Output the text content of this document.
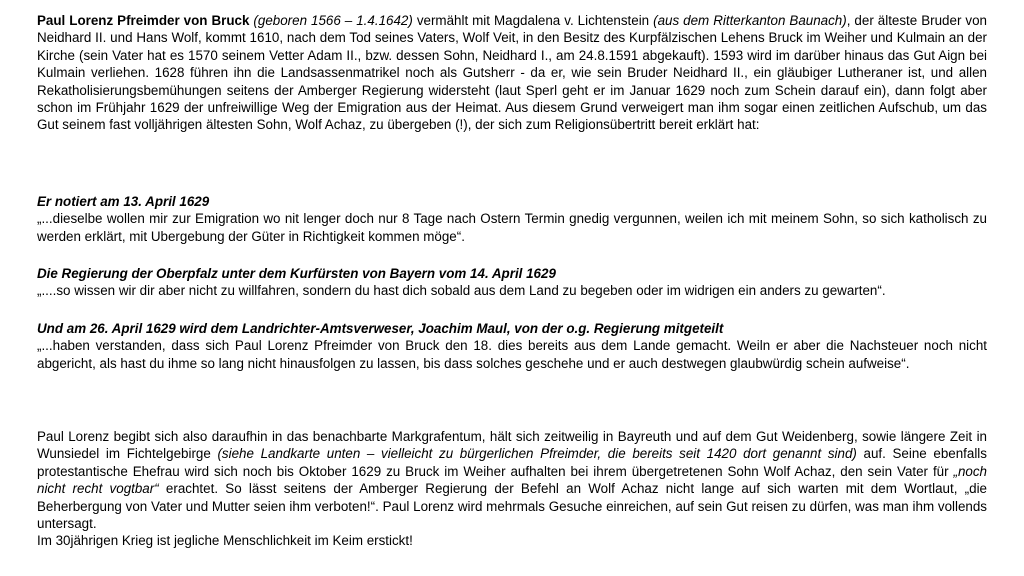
Paul Lorenz Pfreimder von Bruck (geboren 1566 – 1.4.1642) vermählt mit Magdalena v. Lichtenstein (aus dem Ritterkanton Baunach), der älteste Bruder von Neidhard II. und Hans Wolf, kommt 1610, nach dem Tod seines Vaters, Wolf Veit, in den Besitz des Kurpfälzischen Lehens Bruck im Weiher und Kulmain an der Kirche (sein Vater hat es 1570 seinem Vetter Adam II., bzw. dessen Sohn, Neidhard I., am 24.8.1591 abgekauft). 1593 wird im darüber hinaus das Gut Aign bei Kulmain verliehen. 1628 führen ihn die Landsassenmatrikel noch als Gutsherr - da er, wie sein Bruder Neidhard II., ein gläubiger Lutheraner ist, und allen Rekatholisierungsbemühungen seitens der Amberger Regierung widersteht (laut Sperl geht er im Januar 1629 noch zum Schein darauf ein), dann folgt aber schon im Frühjahr 1629 der unfreiwillige Weg der Emigration aus der Heimat. Aus diesem Grund verweigert man ihm sogar einen zeitlichen Aufschub, um das Gut seinem fast volljährigen ältesten Sohn, Wolf Achaz, zu übergeben (!), der sich zum Religionsübertritt bereit erklärt hat:

Er notiert am 13. April 1629

„...dieselbe wollen mir zur Emigration wo nit lenger doch nur 8 Tage nach Ostern Termin gnedig vergunnen, weilen ich mit meinem Sohn, so sich katholisch zu werden erklärt, mit Ubergebung der Güter in Richtigkeit kommen möge“.

Die Regierung der Oberpfalz unter dem Kurfürsten von Bayern vom 14. April 1629

„....so wissen wir dir aber nicht zu willfahren, sondern du hast dich sobald aus dem Land zu begeben oder im widrigen ein anders zu gewarten“.

Und am 26. April 1629 wird dem Landrichter-Amtsverweser, Joachim Maul, von der o.g. Regierung mitgeteilt

„...haben verstanden, dass sich Paul Lorenz Pfreimder von Bruck den 18. dies bereits aus dem Lande gemacht. Weiln er aber die Nachsteuer noch nicht abgericht, als hast du ihme so lang nicht hinausfolgen zu lassen, bis dass solches geschehe und er auch destwegen glaubwürdig schein aufweise“.

Paul Lorenz begibt sich also daraufhin in das benachbarte Markgrafentum, hält sich zeitweilig in Bayreuth und auf dem Gut Weidenberg, sowie längere Zeit in Wunsiedel im Fichtelgebirge (siehe Landkarte unten – vielleicht zu bürgerlichen Pfreimder, die bereits seit 1420 dort genannt sind) auf. Seine ebenfalls protestantische Ehefrau wird sich noch bis Oktober 1629 zu Bruck im Weiher aufhalten bei ihrem übergetretenen Sohn Wolf Achaz, den sein Vater für „noch nicht recht vogtbar“ erachtet. So lässt seitens der Amberger Regierung der Befehl an Wolf Achaz nicht lange auf sich warten mit dem Wortlaut, „die Beherbergung von Vater und Mutter seien ihm verboten!“. Paul Lorenz wird mehrmals Gesuche einreichen, auf sein Gut reisen zu dürfen, was man ihm vollends untersagt.

Im 30jährigen Krieg ist jegliche Menschlichkeit im Keim erstickt!
